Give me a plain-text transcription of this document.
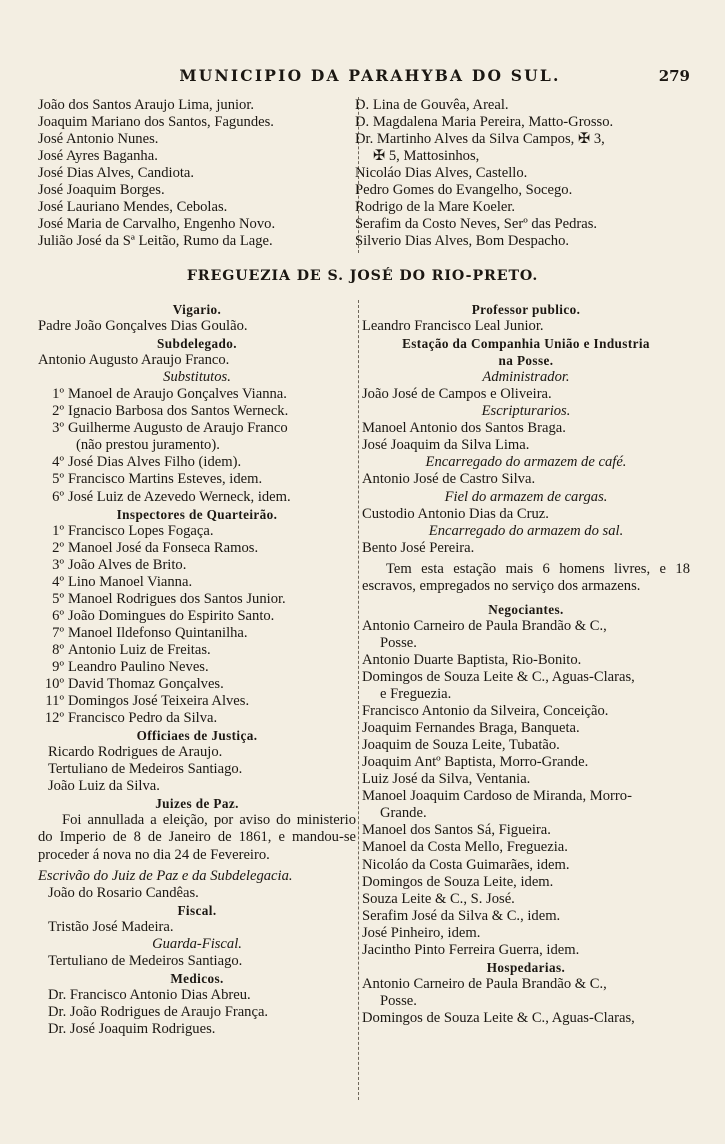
MUNICIPIO DA PARAHYBA DO SUL.	279
João dos Santos Araujo Lima, junior.
Joaquim Mariano dos Santos, Fagundes.
José Antonio Nunes.
José Ayres Baganha.
José Dias Alves, Candiota.
José Joaquim Borges.
José Lauriano Mendes, Cebolas.
José Maria de Carvalho, Engenho Novo.
Julião José da Sª Leitão, Rumo da Lage.
D. Lina de Gouvêa, Areal.
D. Magdalena Maria Pereira, Matto-Grosso.
Dr. Martinho Alves da Silva Campos, ✠ 3,
✠ 5, Mattosinhos,
Nicoláo Dias Alves, Castello.
Pedro Gomes do Evangelho, Socego.
Rodrigo de la Mare Koeler.
Serafim da Costo Neves, Serº das Pedras.
Silverio Dias Alves, Bom Despacho.
FREGUEZIA DE S. JOSÉ DO RIO-PRETO.
Vigario.
Padre João Gonçalves Dias Goulão.
Subdelegado.
Antonio Augusto Araujo Franco.
Substitutos.
1º Manoel de Araujo Gonçalves Vianna.
2º Ignacio Barbosa dos Santos Werneck.
3º Guilherme Augusto de Araujo Franco
(não prestou juramento).
4º José Dias Alves Filho (idem).
5º Francisco Martins Esteves, idem.
6º José Luiz de Azevedo Werneck, idem.
Inspectores de Quarteirão.
1º Francisco Lopes Fogaça.
2º Manoel José da Fonseca Ramos.
3º João Alves de Brito.
4º Lino Manoel Vianna.
5º Manoel Rodrigues dos Santos Junior.
6º João Domingues do Espirito Santo.
7º Manoel Ildefonso Quintanilha.
8º Antonio Luiz de Freitas.
9º Leandro Paulino Neves.
10º David Thomaz Gonçalves.
11º Domingos José Teixeira Alves.
12º Francisco Pedro da Silva.
Officiaes de Justiça.
Ricardo Rodrigues de Araujo.
Tertuliano de Medeiros Santiago.
João Luiz da Silva.
Juizes de Paz.
Foi annullada a eleição, por aviso do ministerio do Imperio de 8 de Janeiro de 1861, e mandou-se proceder á nova no dia 24 de Fevereiro.
Escrivão do Juiz de Paz e da Subdelegacia.
João do Rosario Candêas.
Fiscal.
Tristão José Madeira.
Guarda-Fiscal.
Tertuliano de Medeiros Santiago.
Medicos.
Dr. Francisco Antonio Dias Abreu.
Dr. João Rodrigues de Araujo França.
Dr. José Joaquim Rodrigues.
Professor publico.
Leandro Francisco Leal Junior.
Estação da Companhia União e Industria
na Posse.
Administrador.
João José de Campos e Oliveira.
Escripturarios.
Manoel Antonio dos Santos Braga.
José Joaquim da Silva Lima.
Encarregado do armazem de café.
Antonio José de Castro Silva.
Fiel do armazem de cargas.
Custodio Antonio Dias da Cruz.
Encarregado do armazem do sal.
Bento José Pereira.
Tem esta estação mais 6 homens livres, e 18 escravos, empregados no serviço dos armazens.
Negociantes.
Antonio Carneiro de Paula Brandão & C.,
Posse.
Antonio Duarte Baptista, Rio-Bonito.
Domingos de Souza Leite & C., Aguas-Claras,
e Freguezia.
Francisco Antonio da Silveira, Conceição.
Joaquim Fernandes Braga, Banqueta.
Joaquim de Souza Leite, Tubatão.
Joaquim Antº Baptista, Morro-Grande.
Luiz José da Silva, Ventania.
Manoel Joaquim Cardoso de Miranda, Morro-
Grande.
Manoel dos Santos Sá, Figueira.
Manoel da Costa Mello, Freguezia.
Nicoláo da Costa Guimarães, idem.
Domingos de Souza Leite, idem.
Souza Leite & C., S. José.
Serafim José da Silva & C., idem.
José Pinheiro, idem.
Jacintho Pinto Ferreira Guerra, idem.
Hospedarias.
Antonio Carneiro de Paula Brandão & C.,
Posse.
Domingos de Souza Leite & C., Aguas-Claras,
